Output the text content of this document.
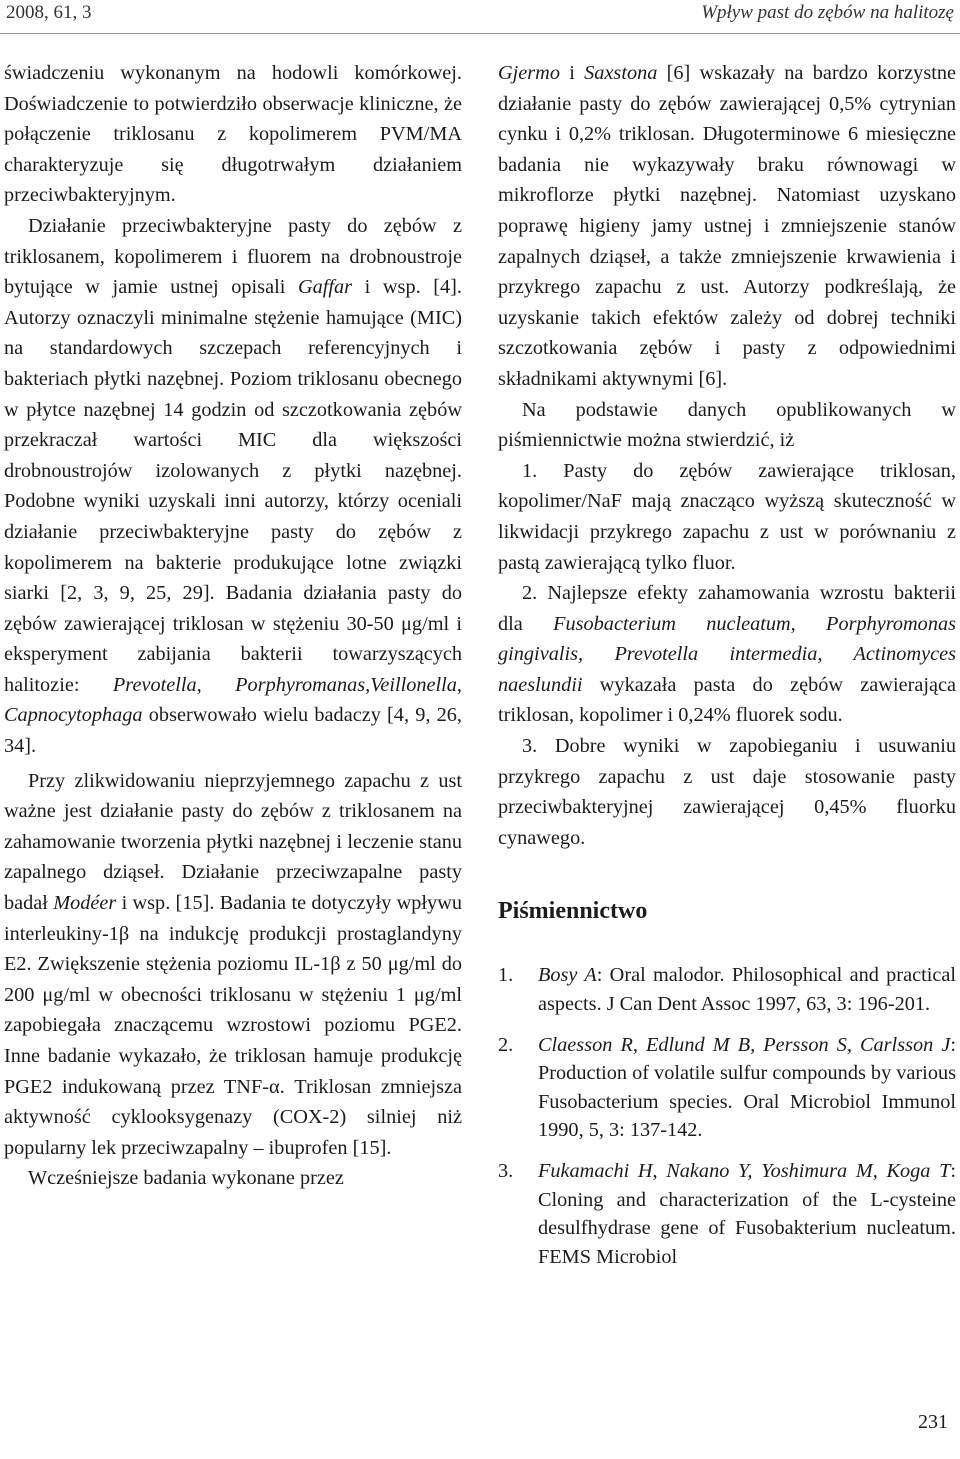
2008, 61, 3	Wpływ past do zębów na halitozę

świadczeniu wykonanym na hodowli komórkowej. Doświadczenie to potwierdziło obserwacje kliniczne, że połączenie triklosanu z kopolimerem PVM/MA charakteryzuje się długotrwałym działaniem przeciwbakteryjnym.

Działanie przeciwbakteryjne pasty do zębów z triklosanem, kopolimerem i fluorem na drobnoustroje bytujące w jamie ustnej opisali Gaffar i wsp. [4]. Autorzy oznaczyli minimalne stężenie hamujące (MIC) na standardowych szczepach referencyjnych i bakteriach płytki nazębnej. Poziom triklosanu obecnego w płytce nazębnej 14 godzin od szczotkowania zębów przekraczał wartości MIC dla większości drobnoustrojów izolowanych z płytki nazębnej. Podobne wyniki uzyskali inni autorzy, którzy oceniali działanie przeciwbakteryjne pasty do zębów z kopolimerem na bakterie produkujące lotne związki siarki [2, 3, 9, 25, 29]. Badania działania pasty do zębów zawierającej triklosan w stężeniu 30-50 μg/ml i eksperyment zabijania bakterii towarzyszących halitozie: Prevotella, Porphyromanas,Veillonella, Capnocytophaga obserwowało wielu badaczy [4, 9, 26, 34].

Przy zlikwidowaniu nieprzyjemnego zapachu z ust ważne jest działanie pasty do zębów z triklosanem na zahamowanie tworzenia płytki nazębnej i leczenie stanu zapalnego dziąseł. Działanie przeciwzapalne pasty badał Modéer i wsp. [15]. Badania te dotyczyły wpływu interleukiny-1β na indukcję produkcji prostaglandyny E2. Zwiększenie stężenia poziomu IL-1β z 50 μg/ml do 200 μg/ml w obecności triklosanu w stężeniu 1 μg/ml zapobiegała znaczącemu wzrostowi poziomu PGE2. Inne badanie wykazało, że triklosan hamuje produkcję PGE2 indukowaną przez TNF-α. Triklosan zmniejsza aktywność cyklooksygenazy (COX-2) silniej niż popularny lek przeciwzapalny – ibuprofen [15].

Wcześniejsze badania wykonane przez

Gjermo i Saxstona [6] wskazały na bardzo korzystne działanie pasty do zębów zawierającej 0,5% cytrynian cynku i 0,2% triklosan. Długoterminowe 6 miesięczne badania nie wykazywały braku równowagi w mikroflorze płytki nazębnej. Natomiast uzyskano poprawę higieny jamy ustnej i zmniejszenie stanów zapalnych dziąseł, a także zmniejszenie krwawienia i przykrego zapachu z ust. Autorzy podkreślają, że uzyskanie takich efektów zależy od dobrej techniki szczotkowania zębów i pasty z odpowiednimi składnikami aktywnymi [6].

Na podstawie danych opublikowanych w piśmiennictwie można stwierdzić, iż

1. Pasty do zębów zawierające triklosan, kopolimer/NaF mają znacząco wyższą skuteczność w likwidacji przykrego zapachu z ust w porównaniu z pastą zawierającą tylko fluor.

2. Najlepsze efekty zahamowania wzrostu bakterii dla Fusobacterium nucleatum, Porphyromonas gingivalis, Prevotella intermedia, Actinomyces naeslundii wykazała pasta do zębów zawierająca triklosan, kopolimer i 0,24% fluorek sodu.

3. Dobre wyniki w zapobieganiu i usuwaniu przykrego zapachu z ust daje stosowanie pasty przeciwbakteryjnej zawierającej 0,45% fluorku cynawego.

Piśmiennictwo
1. Bosy A: Oral malodor. Philosophical and practical aspects. J Can Dent Assoc 1997, 63, 3: 196-201.
2. Claesson R, Edlund M B, Persson S, Carlsson J: Production of volatile sulfur compounds by various Fusobacterium species. Oral Microbiol Immunol 1990, 5, 3: 137-142.
3. Fukamachi H, Nakano Y, Yoshimura M, Koga T: Cloning and characterization of the L-cysteine desulfhydrase gene of Fusobakterium nucleatum. FEMS Microbiol
231
